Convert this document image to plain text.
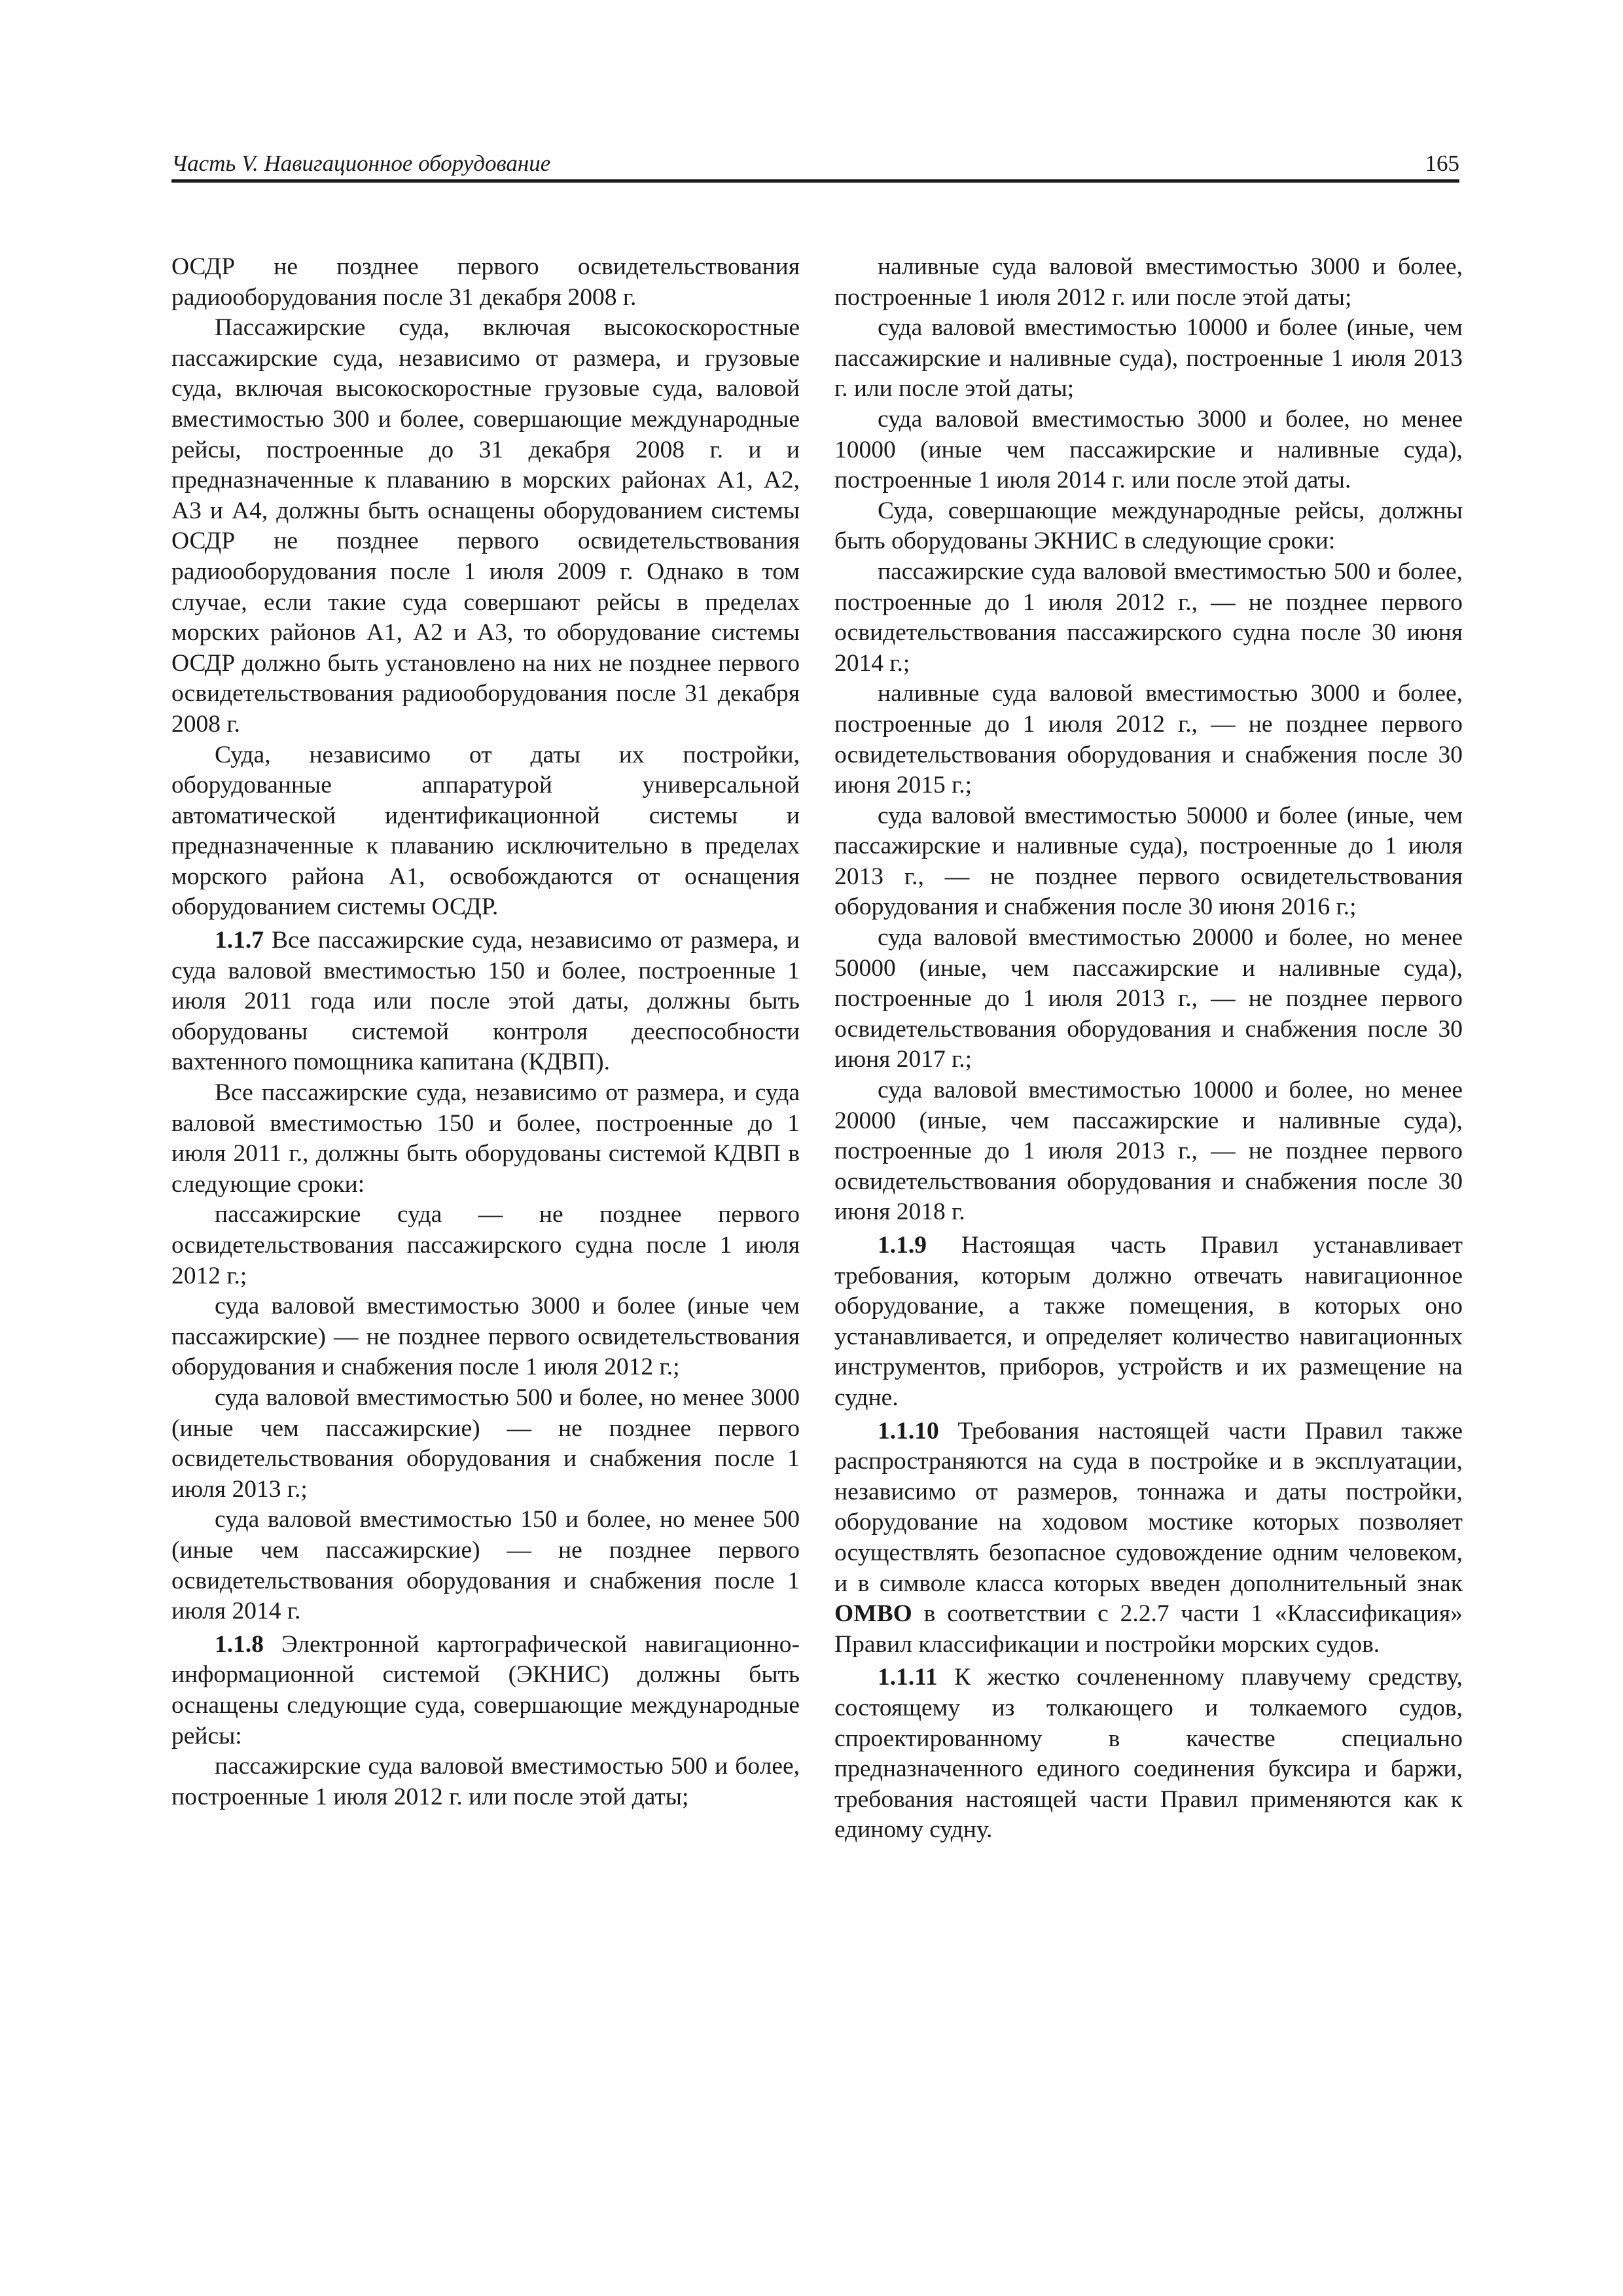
Часть V. Навигационное оборудование	165

ОСДР не позднее первого освидетельствования радиооборудования после 31 декабря 2008 г.

Пассажирские суда, включая высокоскоростные пассажирские суда, независимо от размера, и грузовые суда, включая высокоскоростные грузовые суда, валовой вместимостью 300 и более, совершающие международные рейсы, построенные до 31 декабря 2008 г. и и предназначенные к плаванию в морских районах А1, А2, А3 и А4, должны быть оснащены оборудованием системы ОСДР не позднее первого освидетельствования радиооборудования после 1 июля 2009 г. Однако в том случае, если такие суда совершают рейсы в пределах морских районов А1, А2 и А3, то оборудование системы ОСДР должно быть установлено на них не позднее первого освидетельствования радиооборудования после 31 декабря 2008 г.

Суда, независимо от даты их постройки, оборудованные аппаратурой универсальной автоматической идентификационной системы и предназначенные к плаванию исключительно в пределах морского района А1, освобождаются от оснащения оборудованием системы ОСДР.

1.1.7 Все пассажирские суда, независимо от размера, и суда валовой вместимостью 150 и более, построенные 1 июля 2011 года или после этой даты, должны быть оборудованы системой контроля дееспособности вахтенного помощника капитана (КДВП).

Все пассажирские суда, независимо от размера, и суда валовой вместимостью 150 и более, построенные до 1 июля 2011 г., должны быть оборудованы системой КДВП в следующие сроки:

пассажирские суда — не позднее первого освидетельствования пассажирского судна после 1 июля 2012 г.;

суда валовой вместимостью 3000 и более (иные чем пассажирские) — не позднее первого освидетельствования оборудования и снабжения после 1 июля 2012 г.;

суда валовой вместимостью 500 и более, но менее 3000 (иные чем пассажирские) — не позднее первого освидетельствования оборудования и снабжения после 1 июля 2013 г.;

суда валовой вместимостью 150 и более, но менее 500 (иные чем пассажирские) — не позднее первого освидетельствования оборудования и снабжения после 1 июля 2014 г.

1.1.8 Электронной картографической навигационно-информационной системой (ЭКНИС) должны быть оснащены следующие суда, совершающие международные рейсы:

пассажирские суда валовой вместимостью 500 и более, построенные 1 июля 2012 г. или после этой даты;

наливные суда валовой вместимостью 3000 и более, построенные 1 июля 2012 г. или после этой даты;

суда валовой вместимостью 10000 и более (иные, чем пассажирские и наливные суда), построенные 1 июля 2013 г. или после этой даты;

суда валовой вместимостью 3000 и более, но менее 10000 (иные чем пассажирские и наливные суда), построенные 1 июля 2014 г. или после этой даты.

Суда, совершающие международные рейсы, должны быть оборудованы ЭКНИС в следующие сроки:

пассажирские суда валовой вместимостью 500 и более, построенные до 1 июля 2012 г., — не позднее первого освидетельствования пассажирского судна после 30 июня 2014 г.;

наливные суда валовой вместимостью 3000 и более, построенные до 1 июля 2012 г., — не позднее первого освидетельствования оборудования и снабжения после 30 июня 2015 г.;

суда валовой вместимостью 50000 и более (иные, чем пассажирские и наливные суда), построенные до 1 июля 2013 г., — не позднее первого освидетельствования оборудования и снабжения после 30 июня 2016 г.;

суда валовой вместимостью 20000 и более, но менее 50000 (иные, чем пассажирские и наливные суда), построенные до 1 июля 2013 г., — не позднее первого освидетельствования оборудования и снабжения после 30 июня 2017 г.;

суда валовой вместимостью 10000 и более, но менее 20000 (иные, чем пассажирские и наливные суда), построенные до 1 июля 2013 г., — не позднее первого освидетельствования оборудования и снабжения после 30 июня 2018 г.

1.1.9 Настоящая часть Правил устанавливает требования, которым должно отвечать навигационное оборудование, а также помещения, в которых оно устанавливается, и определяет количество навигационных инструментов, приборов, устройств и их размещение на судне.

1.1.10 Требования настоящей части Правил также распространяются на суда в постройке и в эксплуатации, независимо от размеров, тоннажа и даты постройки, оборудование на ходовом мостике которых позволяет осуществлять безопасное судовождение одним человеком, и в символе класса которых введен дополнительный знак OMBO в соответствии с 2.2.7 части 1 «Классификация» Правил классификации и постройки морских судов.

1.1.11 К жестко сочлененному плавучему средству, состоящему из толкающего и толкаемого судов, спроектированному в качестве специально предназначенного единого соединения буксира и баржи, требования настоящей части Правил применяются как к единому судну.
